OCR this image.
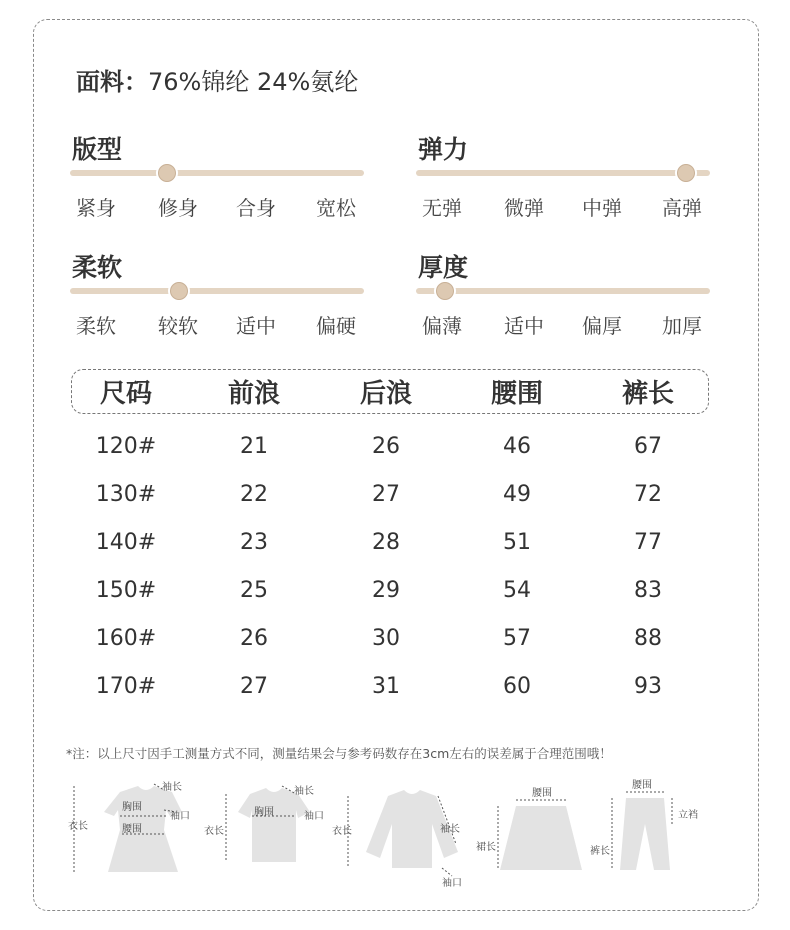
面料：76%锦纶 24%氨纶
版型
紧身 修身 合身 宽松
弹力
无弹 微弹 中弹 高弹
柔软
柔软 较软 适中 偏硬
厚度
偏薄 适中 偏厚 加厚
尺码	前浪	后浪	腰围	裤长
120#	21	26	46	67
130#	22	27	49	72
140#	23	28	51	77
150#	25	29	54	83
160#	26	30	57	88
170#	27	31	60	93
*注：以上尺寸因手工测量方式不同，测量结果会与参考码数存在3cm左右的误差属于合理范围哦！
衣长
胸围
腰围
袖长
袖口
衣长
胸围
袖长
袖口
衣长	袖长
袖口
腰围
裙长
腰围
立裆
裤长
